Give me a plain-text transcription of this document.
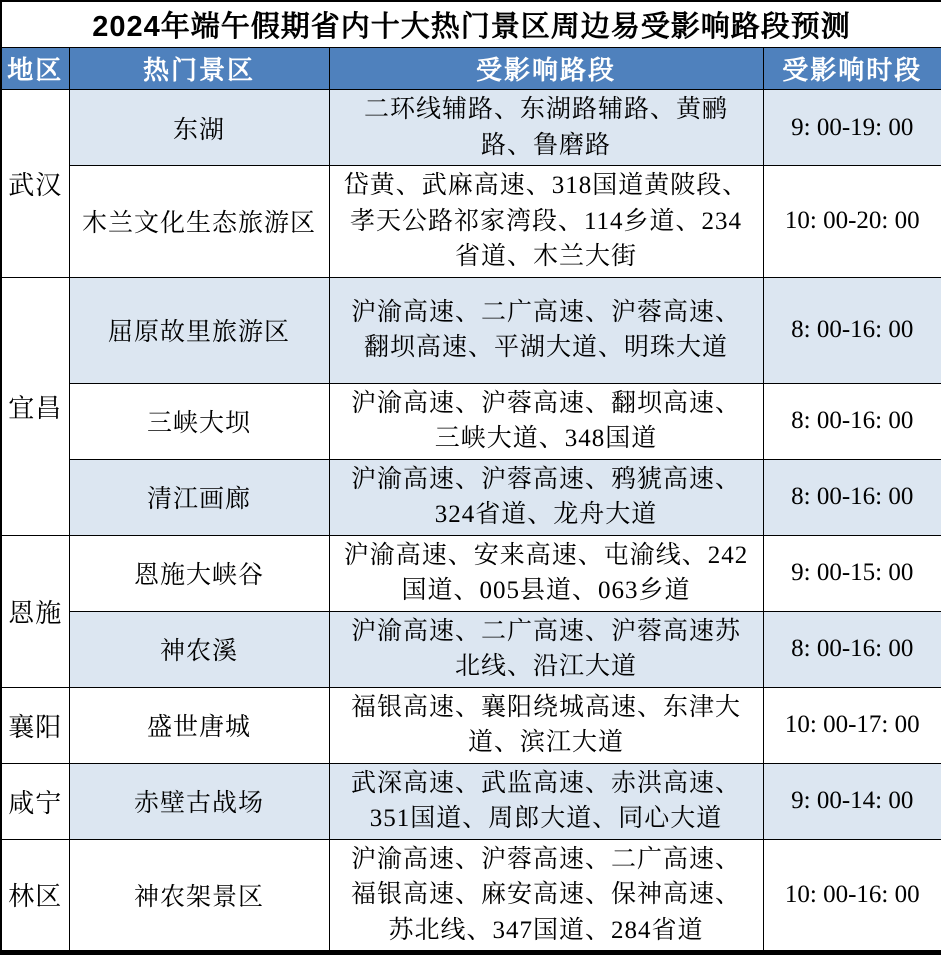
2024年端午假期省内十大热门景区周边易受影响路段预测			
地区	热门景区	受影响路段	受影响时段
武汉	东湖	二环线辅路、东湖路辅路、黄鹂路、鲁磨路	9: 00-19: 00
	木兰文化生态旅游区	岱黄、武麻高速、318国道黄陂段、孝天公路祁家湾段、114乡道、234省道、木兰大街	10: 00-20: 00
宜昌	屈原故里旅游区	沪渝高速、二广高速、沪蓉高速、翻坝高速、平湖大道、明珠大道	8: 00-16: 00
	三峡大坝	沪渝高速、沪蓉高速、翻坝高速、三峡大道、348国道	8: 00-16: 00
	清江画廊	沪渝高速、沪蓉高速、鸦猇高速、324省道、龙舟大道	8: 00-16: 00
恩施	恩施大峡谷	沪渝高速、安来高速、屯渝线、242国道、005县道、063乡道	9: 00-15: 00
	神农溪	沪渝高速、二广高速、沪蓉高速苏北线、沿江大道	8: 00-16: 00
襄阳	盛世唐城	福银高速、襄阳绕城高速、东津大道、滨江大道	10: 00-17: 00
咸宁	赤壁古战场	武深高速、武监高速、赤洪高速、351国道、周郎大道、同心大道	9: 00-14: 00
林区	神农架景区	沪渝高速、沪蓉高速、二广高速、福银高速、麻安高速、保神高速、苏北线、347国道、284省道	10: 00-16: 00
